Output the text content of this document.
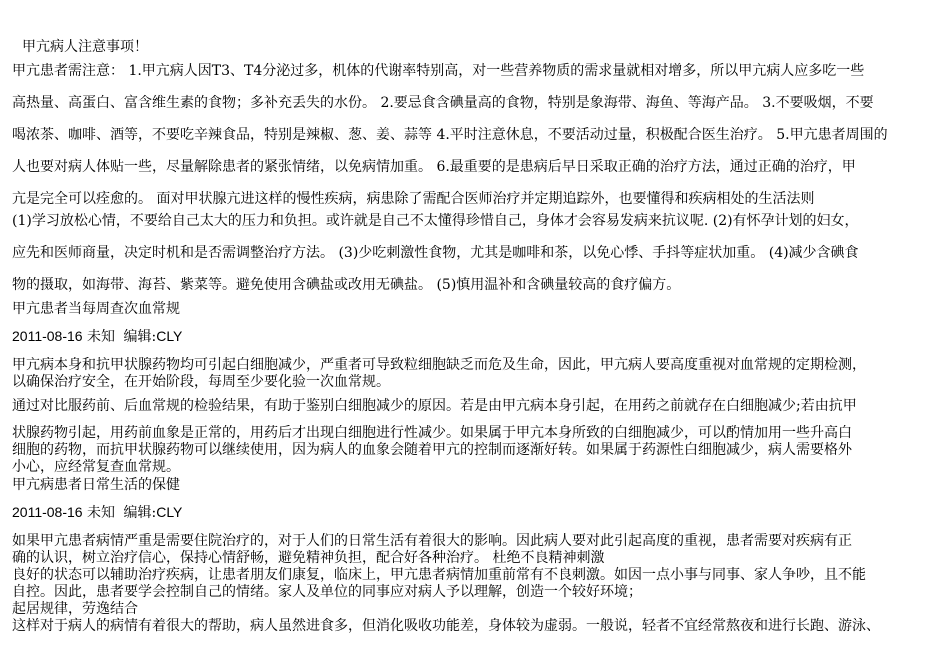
甲亢病人注意事项！
甲亢患者需注意： 1.甲亢病人因T3、T4分泌过多，机体的代谢率特别高，对一些营养物质的需求量就相对增多，所以甲亢病人应多吃一些
高热量、高蛋白、富含维生素的食物；多补充丢失的水份。 2.要忌食含碘量高的食物，特别是象海带、海鱼、等海产品。 3.不要吸烟，不要
喝浓茶、咖啡、酒等，不要吃辛辣食品，特别是辣椒、葱、姜、蒜等 4.平时注意休息，不要活动过量，积极配合医生治疗。 5.甲亢患者周围的
人也要对病人体贴一些，尽量解除患者的紧张情绪，以免病情加重。 6.最重要的是患病后早日采取正确的治疗方法，通过正确的治疗，甲
亢是完全可以痊愈的。 面对甲状腺亢进这样的慢性疾病，病患除了需配合医师治疗并定期追踪外，也要懂得和疾病相处的生活法则
(1)学习放松心情，不要给自己太大的压力和负担。或许就是自己不太懂得珍惜自己，身体才会容易发病来抗议呢. (2)有怀孕计划的妇女，
应先和医师商量，决定时机和是否需调整治疗方法。 (3)少吃刺激性食物，尤其是咖啡和茶，以免心悸、手抖等症状加重。 (4)减少含碘食
物的摄取，如海带、海苔、紫菜等。避免使用含碘盐或改用无碘盐。 (5)慎用温补和含碘量较高的食疗偏方。

甲亢患者当每周查次血常规

2011-08-16 未知 编辑:CLY

甲亢病本身和抗甲状腺药物均可引起白细胞减少，严重者可导致粒细胞缺乏而危及生命，因此，甲亢病人要高度重视对血常规的定期检测，
以确保治疗安全，在开始阶段，每周至少要化验一次血常规。

通过对比服药前、后血常规的检验结果，有助于鉴别白细胞减少的原因。若是由甲亢病本身引起，在用药之前就存在白细胞减少;若由抗甲

状腺药物引起，用药前血象是正常的，用药后才出现白细胞进行性减少。如果属于甲亢本身所致的白细胞减少，可以酌情加用一些升高白
细胞的药物，而抗甲状腺药物可以继续使用，因为病人的血象会随着甲亢的控制而逐渐好转。如果属于药源性白细胞减少，病人需要格外
小心，应经常复查血常规。

甲亢病患者日常生活的保健

2011-08-16 未知 编辑:CLY

如果甲亢患者病情严重是需要住院治疗的，对于人们的日常生活有着很大的影响。因此病人要对此引起高度的重视，患者需要对疾病有正
确的认识，树立治疗信心，保持心情舒畅，避免精神负担，配合好各种治疗。 杜绝不良精神刺激
良好的状态可以辅助治疗疾病，让患者朋友们康复，临床上，甲亢患者病情加重前常有不良刺激。如因一点小事与同事、家人争吵，且不能
自控。因此，患者要学会控制自己的情绪。家人及单位的同事应对病人予以理解，创造一个较好环境；
起居规律，劳逸结合
这样对于病人的病情有着很大的帮助，病人虽然进食多，但消化吸收功能差，身体较为虚弱。一般说，轻者不宜经常熬夜和进行长跑、游泳、
